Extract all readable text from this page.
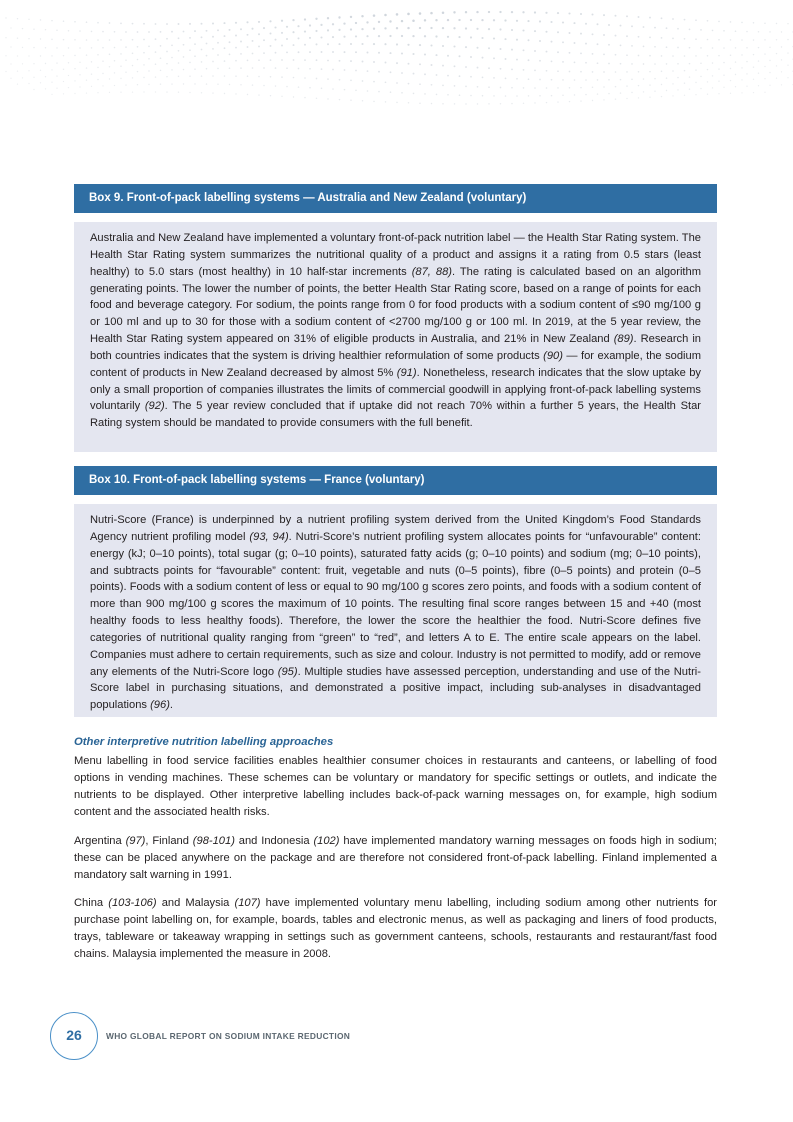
Box 9. Front-of-pack labelling systems — Australia and New Zealand (voluntary)
Australia and New Zealand have implemented a voluntary front-of-pack nutrition label — the Health Star Rating system. The Health Star Rating system summarizes the nutritional quality of a product and assigns it a rating from 0.5 stars (least healthy) to 5.0 stars (most healthy) in 10 half-star increments (87, 88). The rating is calculated based on an algorithm generating points. The lower the number of points, the better Health Star Rating score, based on a range of points for each food and beverage category. For sodium, the points range from 0 for food products with a sodium content of ≤90 mg/100 g or 100 ml and up to 30 for those with a sodium content of <2700 mg/100 g or 100 ml. In 2019, at the 5 year review, the Health Star Rating system appeared on 31% of eligible products in Australia, and 21% in New Zealand (89). Research in both countries indicates that the system is driving healthier reformulation of some products (90) — for example, the sodium content of products in New Zealand decreased by almost 5% (91). Nonetheless, research indicates that the slow uptake by only a small proportion of companies illustrates the limits of commercial goodwill in applying front-of-pack labelling systems voluntarily (92). The 5 year review concluded that if uptake did not reach 70% within a further 5 years, the Health Star Rating system should be mandated to provide consumers with the full benefit.
Box 10. Front-of-pack labelling systems — France (voluntary)
Nutri-Score (France) is underpinned by a nutrient profiling system derived from the United Kingdom’s Food Standards Agency nutrient profiling model (93, 94). Nutri-Score’s nutrient profiling system allocates points for “unfavourable” content: energy (kJ; 0–10 points), total sugar (g; 0–10 points), saturated fatty acids (g; 0–10 points) and sodium (mg; 0–10 points), and subtracts points for “favourable” content: fruit, vegetable and nuts (0–5 points), fibre (0–5 points) and protein (0–5 points). Foods with a sodium content of less or equal to 90 mg/100 g scores zero points, and foods with a sodium content of more than 900 mg/100 g scores the maximum of 10 points. The resulting final score ranges between 15 and +40 (most healthy foods to less healthy foods). Therefore, the lower the score the healthier the food. Nutri-Score defines five categories of nutritional quality ranging from “green” to “red”, and letters A to E. The entire scale appears on the label. Companies must adhere to certain requirements, such as size and colour. Industry is not permitted to modify, add or remove any elements of the Nutri-Score logo (95). Multiple studies have assessed perception, understanding and use of the Nutri-Score label in purchasing situations, and demonstrated a positive impact, including sub-analyses in disadvantaged populations (96).
Other interpretive nutrition labelling approaches
Menu labelling in food service facilities enables healthier consumer choices in restaurants and canteens, or labelling of food options in vending machines. These schemes can be voluntary or mandatory for specific settings or outlets, and indicate the nutrients to be displayed. Other interpretive labelling includes back-of-pack warning messages on, for example, high sodium content and the associated health risks.
Argentina (97), Finland (98-101) and Indonesia (102) have implemented mandatory warning messages on foods high in sodium; these can be placed anywhere on the package and are therefore not considered front-of-pack labelling. Finland implemented a mandatory salt warning in 1991.
China (103-106) and Malaysia (107) have implemented voluntary menu labelling, including sodium among other nutrients for purchase point labelling on, for example, boards, tables and electronic menus, as well as packaging and liners of food products, trays, tableware or takeaway wrapping in settings such as government canteens, schools, restaurants and restaurant/fast food chains. Malaysia implemented the measure in 2008.
26	WHO GLOBAL REPORT ON SODIUM INTAKE REDUCTION
